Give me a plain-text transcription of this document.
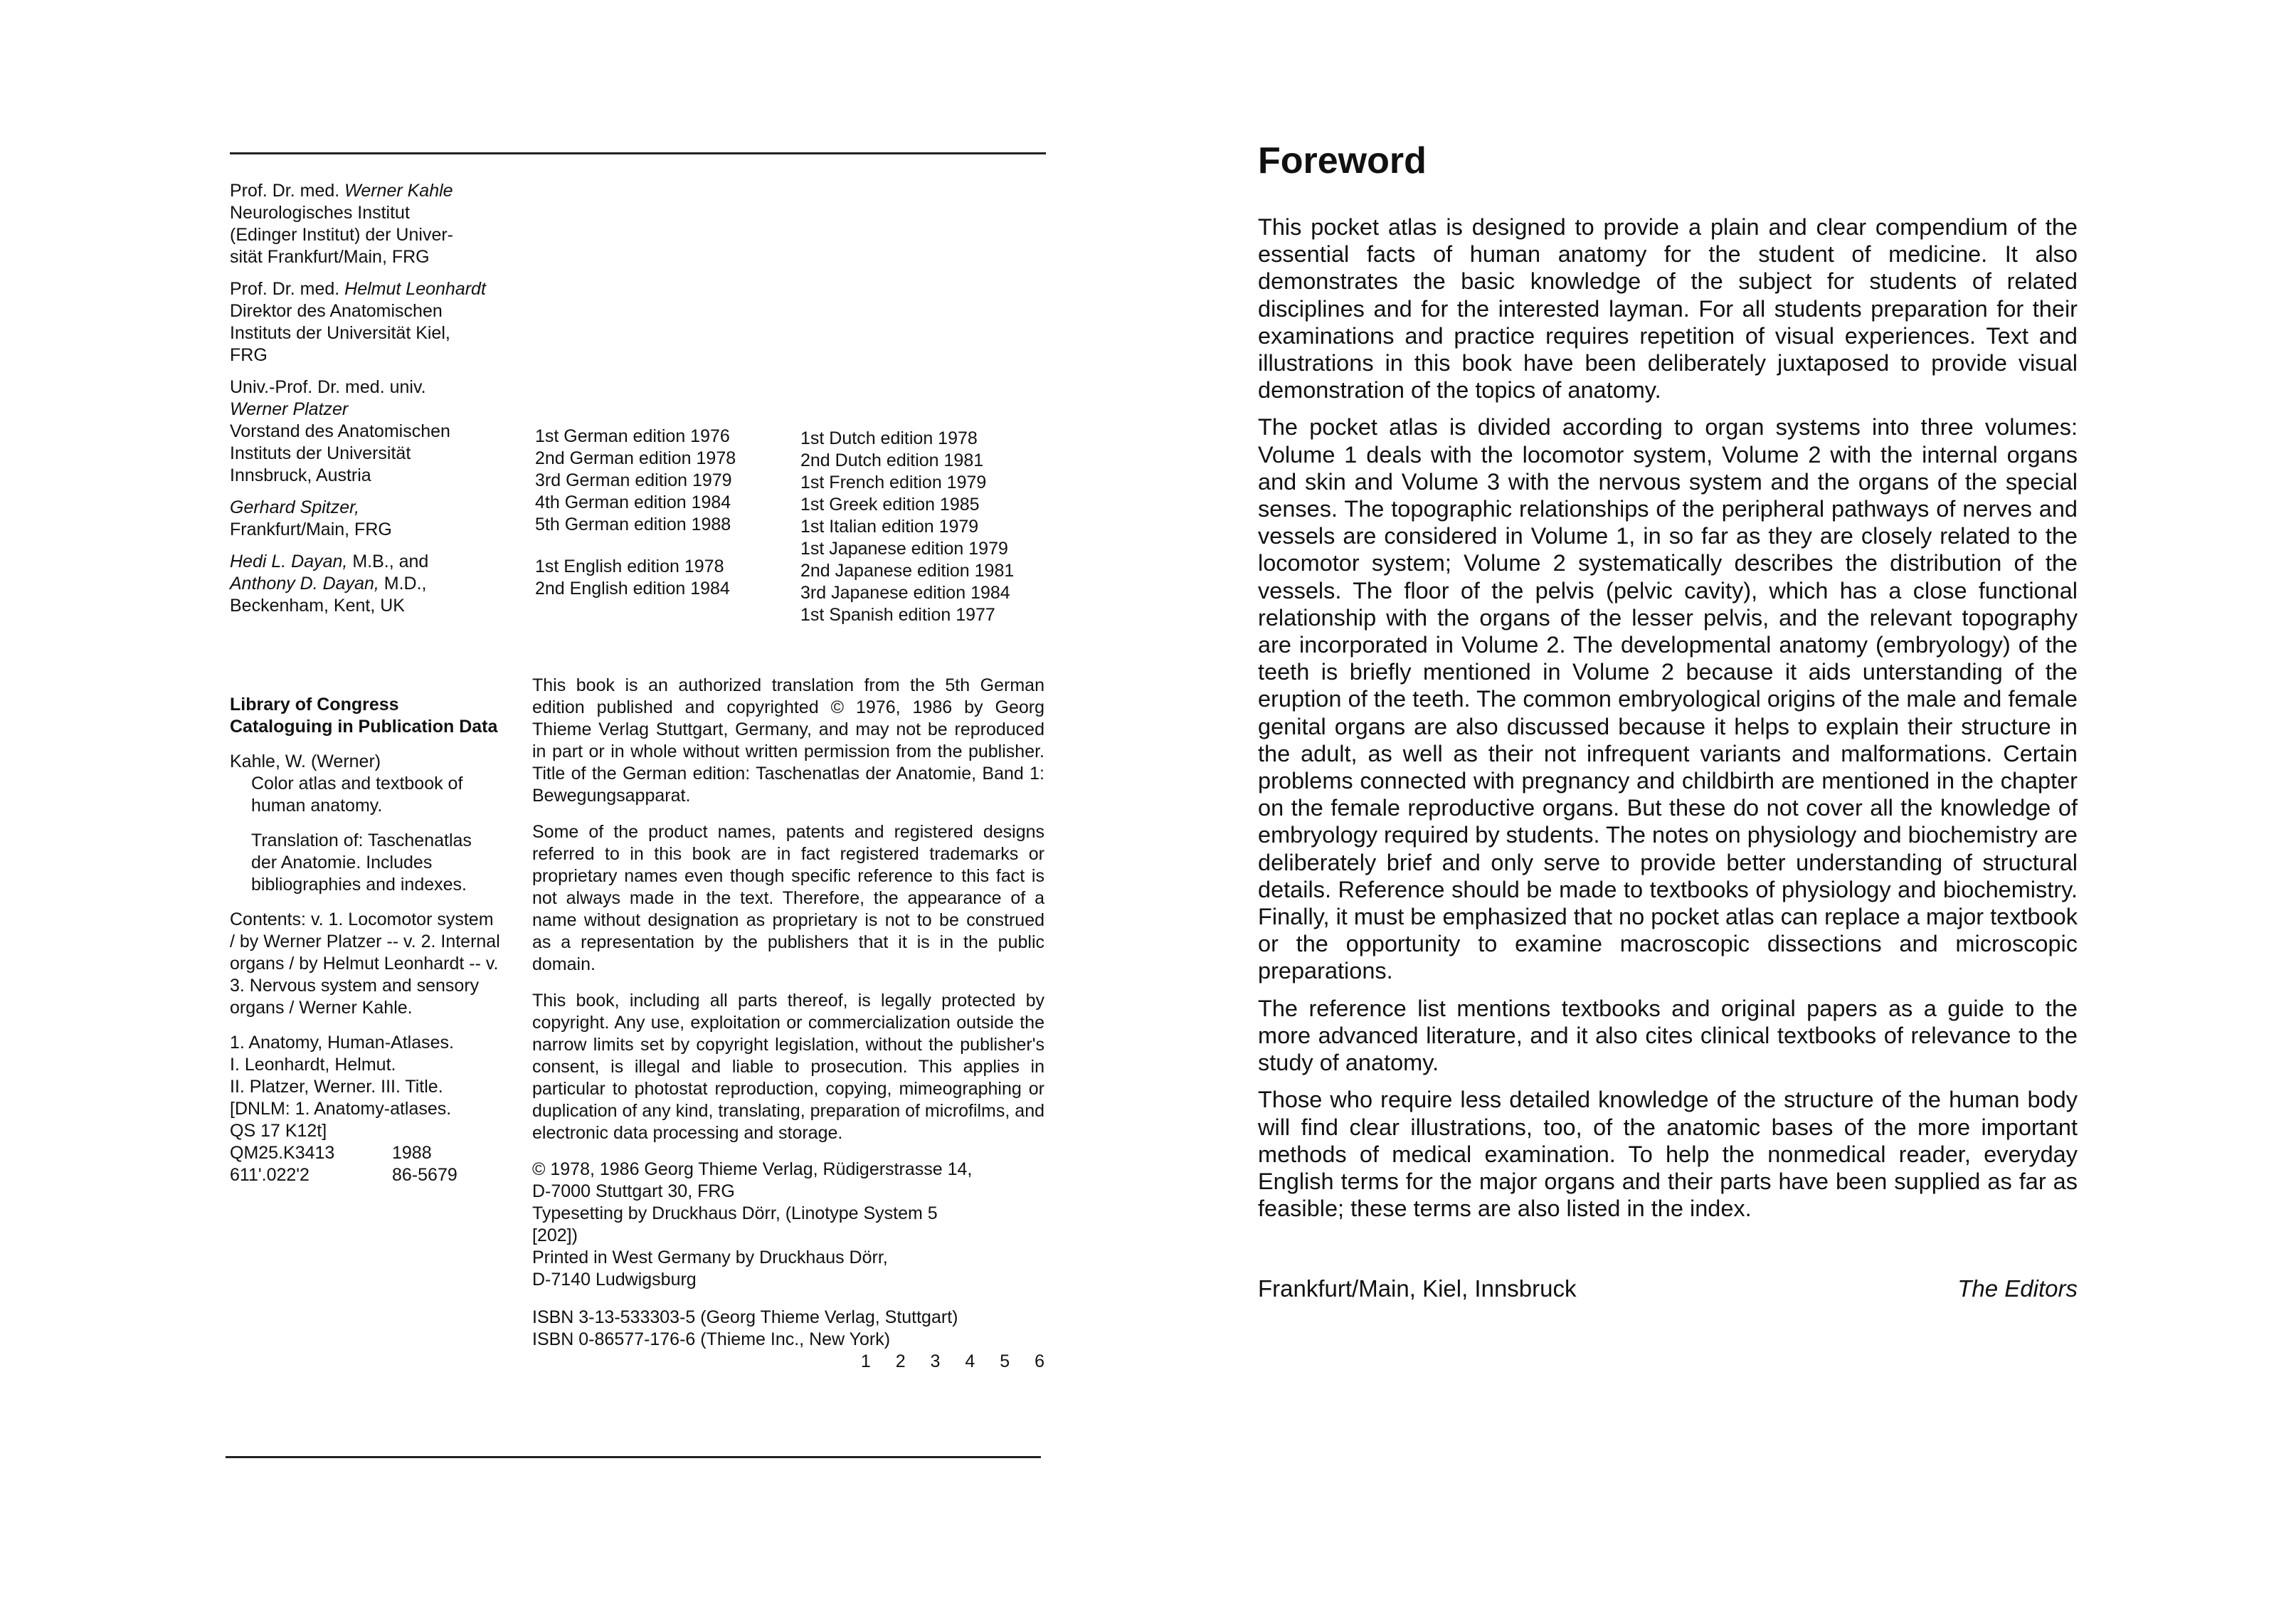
Prof. Dr. med. Werner Kahle
Neurologisches Institut
(Edinger Institut) der Univer-
sität Frankfurt/Main, FRG

Prof. Dr. med. Helmut Leonhardt
Direktor des Anatomischen
Instituts der Universität Kiel,
FRG

Univ.-Prof. Dr. med. univ.
Werner Platzer
Vorstand des Anatomischen
Instituts der Universität
Innsbruck, Austria

Gerhard Spitzer,
Frankfurt/Main, FRG

Hedi L. Dayan, M.B., and
Anthony D. Dayan, M.D.,
Beckenham, Kent, UK

1st German edition 1976
2nd German edition 1978
3rd German edition 1979
4th German edition 1984
5th German edition 1988
1st English edition 1978
2nd English edition 1984
1st Dutch edition 1978
2nd Dutch edition 1981
1st French edition 1979
1st Greek edition 1985
1st Italian edition 1979
1st Japanese edition 1979
2nd Japanese edition 1981
3rd Japanese edition 1984
1st Spanish edition 1977

Library of Congress Cataloguing in Publication Data

Kahle, W. (Werner)

Color atlas and textbook of human anatomy.

Translation of: Taschenatlas der Anatomie. Includes bibliographies and indexes.

Contents: v. 1. Locomotor system / by Werner Platzer -- v. 2. Internal organs / by Helmut Leonhardt -- v. 3. Nervous system and sensory organs / Werner Kahle.

1. Anatomy, Human-Atlases.
I. Leonhardt, Helmut.
II. Platzer, Werner. III. Title.
[DNLM: 1. Anatomy-atlases.
QS 17 K12t]

QM25.K3413	1988
611'.022'2	86-5679

This book is an authorized translation from the 5th German edition published and copyrighted © 1976, 1986 by Georg Thieme Verlag Stuttgart, Germany, and may not be reproduced in part or in whole without written permission from the publisher. Title of the German edition: Taschenatlas der Anatomie, Band 1: Bewegungsapparat.

Some of the product names, patents and registered designs referred to in this book are in fact registered trademarks or proprietary names even though specific reference to this fact is not always made in the text. Therefore, the appearance of a name without designation as proprietary is not to be construed as a representation by the publishers that it is in the public domain.

This book, including all parts thereof, is legally protected by copyright. Any use, exploitation or commercialization outside the narrow limits set by copyright legislation, without the publisher's consent, is illegal and liable to prosecution. This applies in particular to photostat reproduction, copying, mimeographing or duplication of any kind, translating, preparation of microfilms, and electronic data processing and storage.

© 1978, 1986 Georg Thieme Verlag, Rüdigerstrasse 14,
D-7000 Stuttgart 30, FRG
Typesetting by Druckhaus Dörr, (Linotype System 5
[202])
Printed in West Germany by Druckhaus Dörr,
D-7140 Ludwigsburg

ISBN 3-13-533303-5 (Georg Thieme Verlag, Stuttgart)
ISBN 0-86577-176-6 (Thieme Inc., New York)

1 2 3 4 5 6
Foreword

This pocket atlas is designed to provide a plain and clear compendium of the essential facts of human anatomy for the student of medicine. It also demonstrates the basic knowledge of the subject for students of related disciplines and for the interested layman. For all students preparation for their examinations and practice requires repetition of visual experiences. Text and illustrations in this book have been deliberately juxtaposed to provide visual demonstration of the topics of anatomy.

The pocket atlas is divided according to organ systems into three volumes: Volume 1 deals with the locomotor system, Volume 2 with the internal organs and skin and Volume 3 with the nervous system and the organs of the special senses. The topographic relationships of the peripheral pathways of nerves and vessels are considered in Volume 1, in so far as they are closely related to the locomotor system; Volume 2 systematically describes the distribution of the vessels. The floor of the pelvis (pelvic cavity), which has a close functional relationship with the organs of the lesser pelvis, and the relevant topography are incorporated in Volume 2. The developmental anatomy (embryology) of the teeth is briefly mentioned in Volume 2 because it aids unterstanding of the eruption of the teeth. The common embryological origins of the male and female genital organs are also discussed because it helps to explain their structure in the adult, as well as their not infrequent variants and malformations. Certain problems connected with pregnancy and childbirth are mentioned in the chapter on the female reproductive organs. But these do not cover all the knowledge of embryology required by students. The notes on physiology and biochemistry are deliberately brief and only serve to provide better understanding of structural details. Reference should be made to textbooks of physiology and biochemistry. Finally, it must be emphasized that no pocket atlas can replace a major textbook or the opportunity to examine macroscopic dissections and microscopic preparations.

The reference list mentions textbooks and original papers as a guide to the more advanced literature, and it also cites clinical textbooks of relevance to the study of anatomy.

Those who require less detailed knowledge of the structure of the human body will find clear illustrations, too, of the anatomic bases of the more important methods of medical examination. To help the nonmedical reader, everyday English terms for the major organs and their parts have been supplied as far as feasible; these terms are also listed in the index.

Frankfurt/Main, Kiel, Innsbruck	The Editors
